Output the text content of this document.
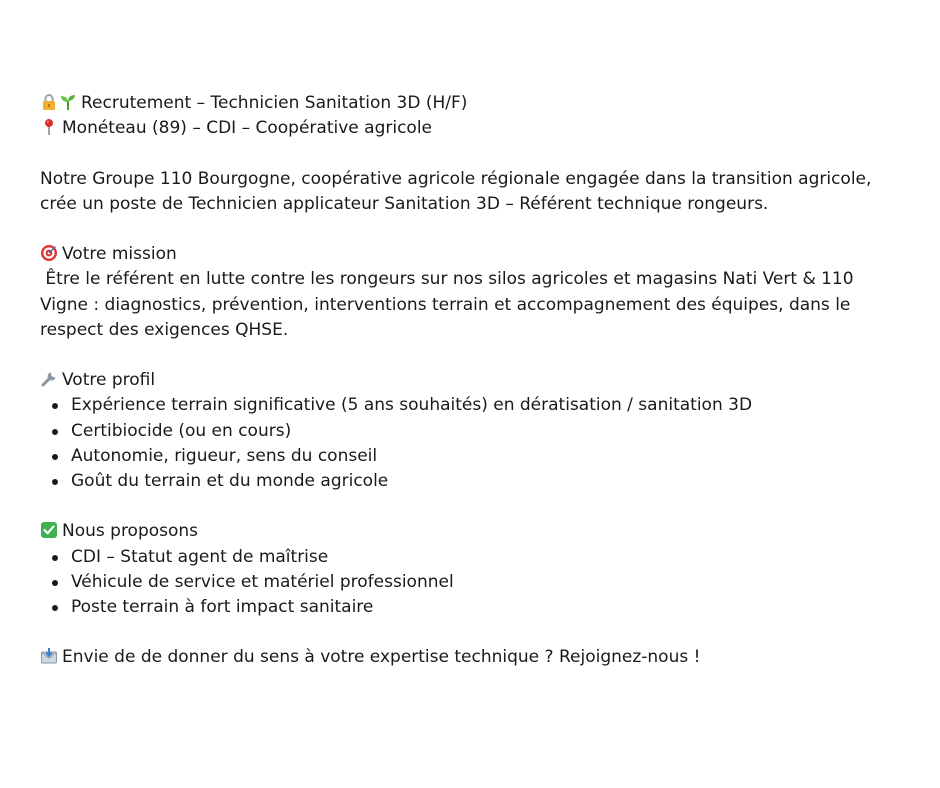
Recrutement – Technicien Sanitation 3D (H/F)
Monéteau (89) – CDI – Coopérative agricole
Notre Groupe 110 Bourgogne, coopérative agricole régionale engagée dans la transition agricole, crée un poste de Technicien applicateur Sanitation 3D – Référent technique rongeurs.
Votre mission
Être le référent en lutte contre les rongeurs sur nos silos agricoles et magasins Nati Vert & 110 Vigne : diagnostics, prévention, interventions terrain et accompagnement des équipes, dans le respect des exigences QHSE.
Votre profil
Expérience terrain significative (5 ans souhaités) en dératisation / sanitation 3D
Certibiocide (ou en cours)
Autonomie, rigueur, sens du conseil
Goût du terrain et du monde agricole
Nous proposons
CDI – Statut agent de maîtrise
Véhicule de service et matériel professionnel
Poste terrain à fort impact sanitaire
Envie de de donner du sens à votre expertise technique ? Rejoignez-nous !
